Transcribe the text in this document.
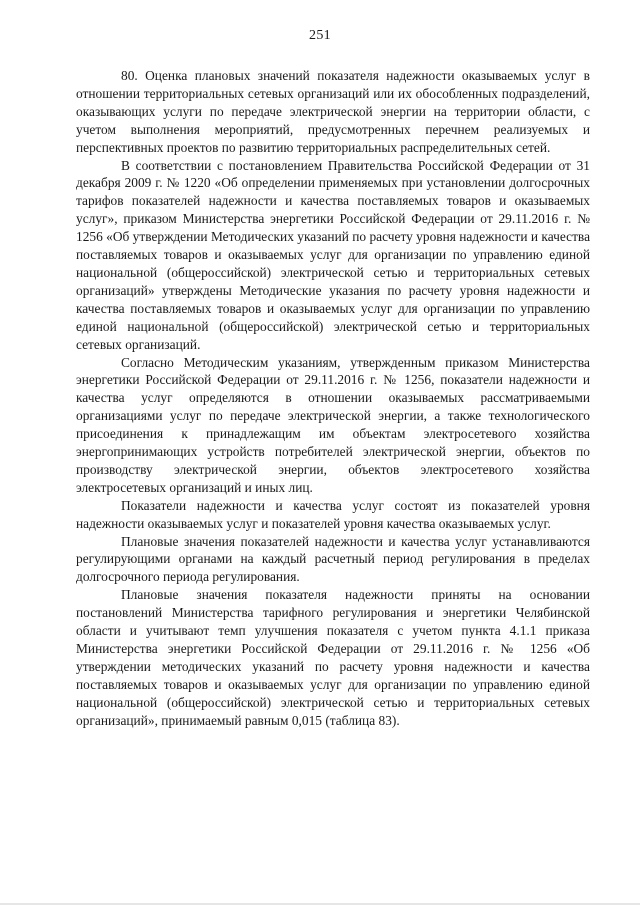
251

80. Оценка плановых значений показателя надежности оказываемых услуг в отношении территориальных сетевых организаций или их обособленных подразделений, оказывающих услуги по передаче электрической энергии на территории области, с учетом выполнения мероприятий, предусмотренных перечнем реализуемых и перспективных проектов по развитию территориальных распределительных сетей.

В соответствии с постановлением Правительства Российской Федерации от 31 декабря 2009 г. № 1220 «Об определении применяемых при установлении долгосрочных тарифов показателей надежности и качества поставляемых товаров и оказываемых услуг», приказом Министерства энергетики Российской Федерации от 29.11.2016 г. № 1256 «Об утверждении Методических указаний по расчету уровня надежности и качества поставляемых товаров и оказываемых услуг для организации по управлению единой национальной (общероссийской) электрической сетью и территориальных сетевых организаций» утверждены Методические указания по расчету уровня надежности и качества поставляемых товаров и оказываемых услуг для организации по управлению единой национальной (общероссийской) электрической сетью и территориальных сетевых организаций.

Согласно Методическим указаниям, утвержденным приказом Министерства энергетики Российской Федерации от 29.11.2016 г. № 1256, показатели надежности и качества услуг определяются в отношении оказываемых рассматриваемыми организациями услуг по передаче электрической энергии, а также технологического присоединения к принадлежащим им объектам электросетевого хозяйства энергопринимающих устройств потребителей электрической энергии, объектов по производству электрической энергии, объектов электросетевого хозяйства электросетевых организаций и иных лиц.

Показатели надежности и качества услуг состоят из показателей уровня надежности оказываемых услуг и показателей уровня качества оказываемых услуг.

Плановые значения показателей надежности и качества услуг устанавливаются регулирующими органами на каждый расчетный период регулирования в пределах долгосрочного периода регулирования.

Плановые значения показателя надежности приняты на основании постановлений Министерства тарифного регулирования и энергетики Челябинской области и учитывают темп улучшения показателя с учетом пункта 4.1.1 приказа Министерства энергетики Российской Федерации от 29.11.2016 г. № 1256 «Об утверждении методических указаний по расчету уровня надежности и качества поставляемых товаров и оказываемых услуг для организации по управлению единой национальной (общероссийской) электрической сетью и территориальных сетевых организаций», принимаемый равным 0,015 (таблица 83).
